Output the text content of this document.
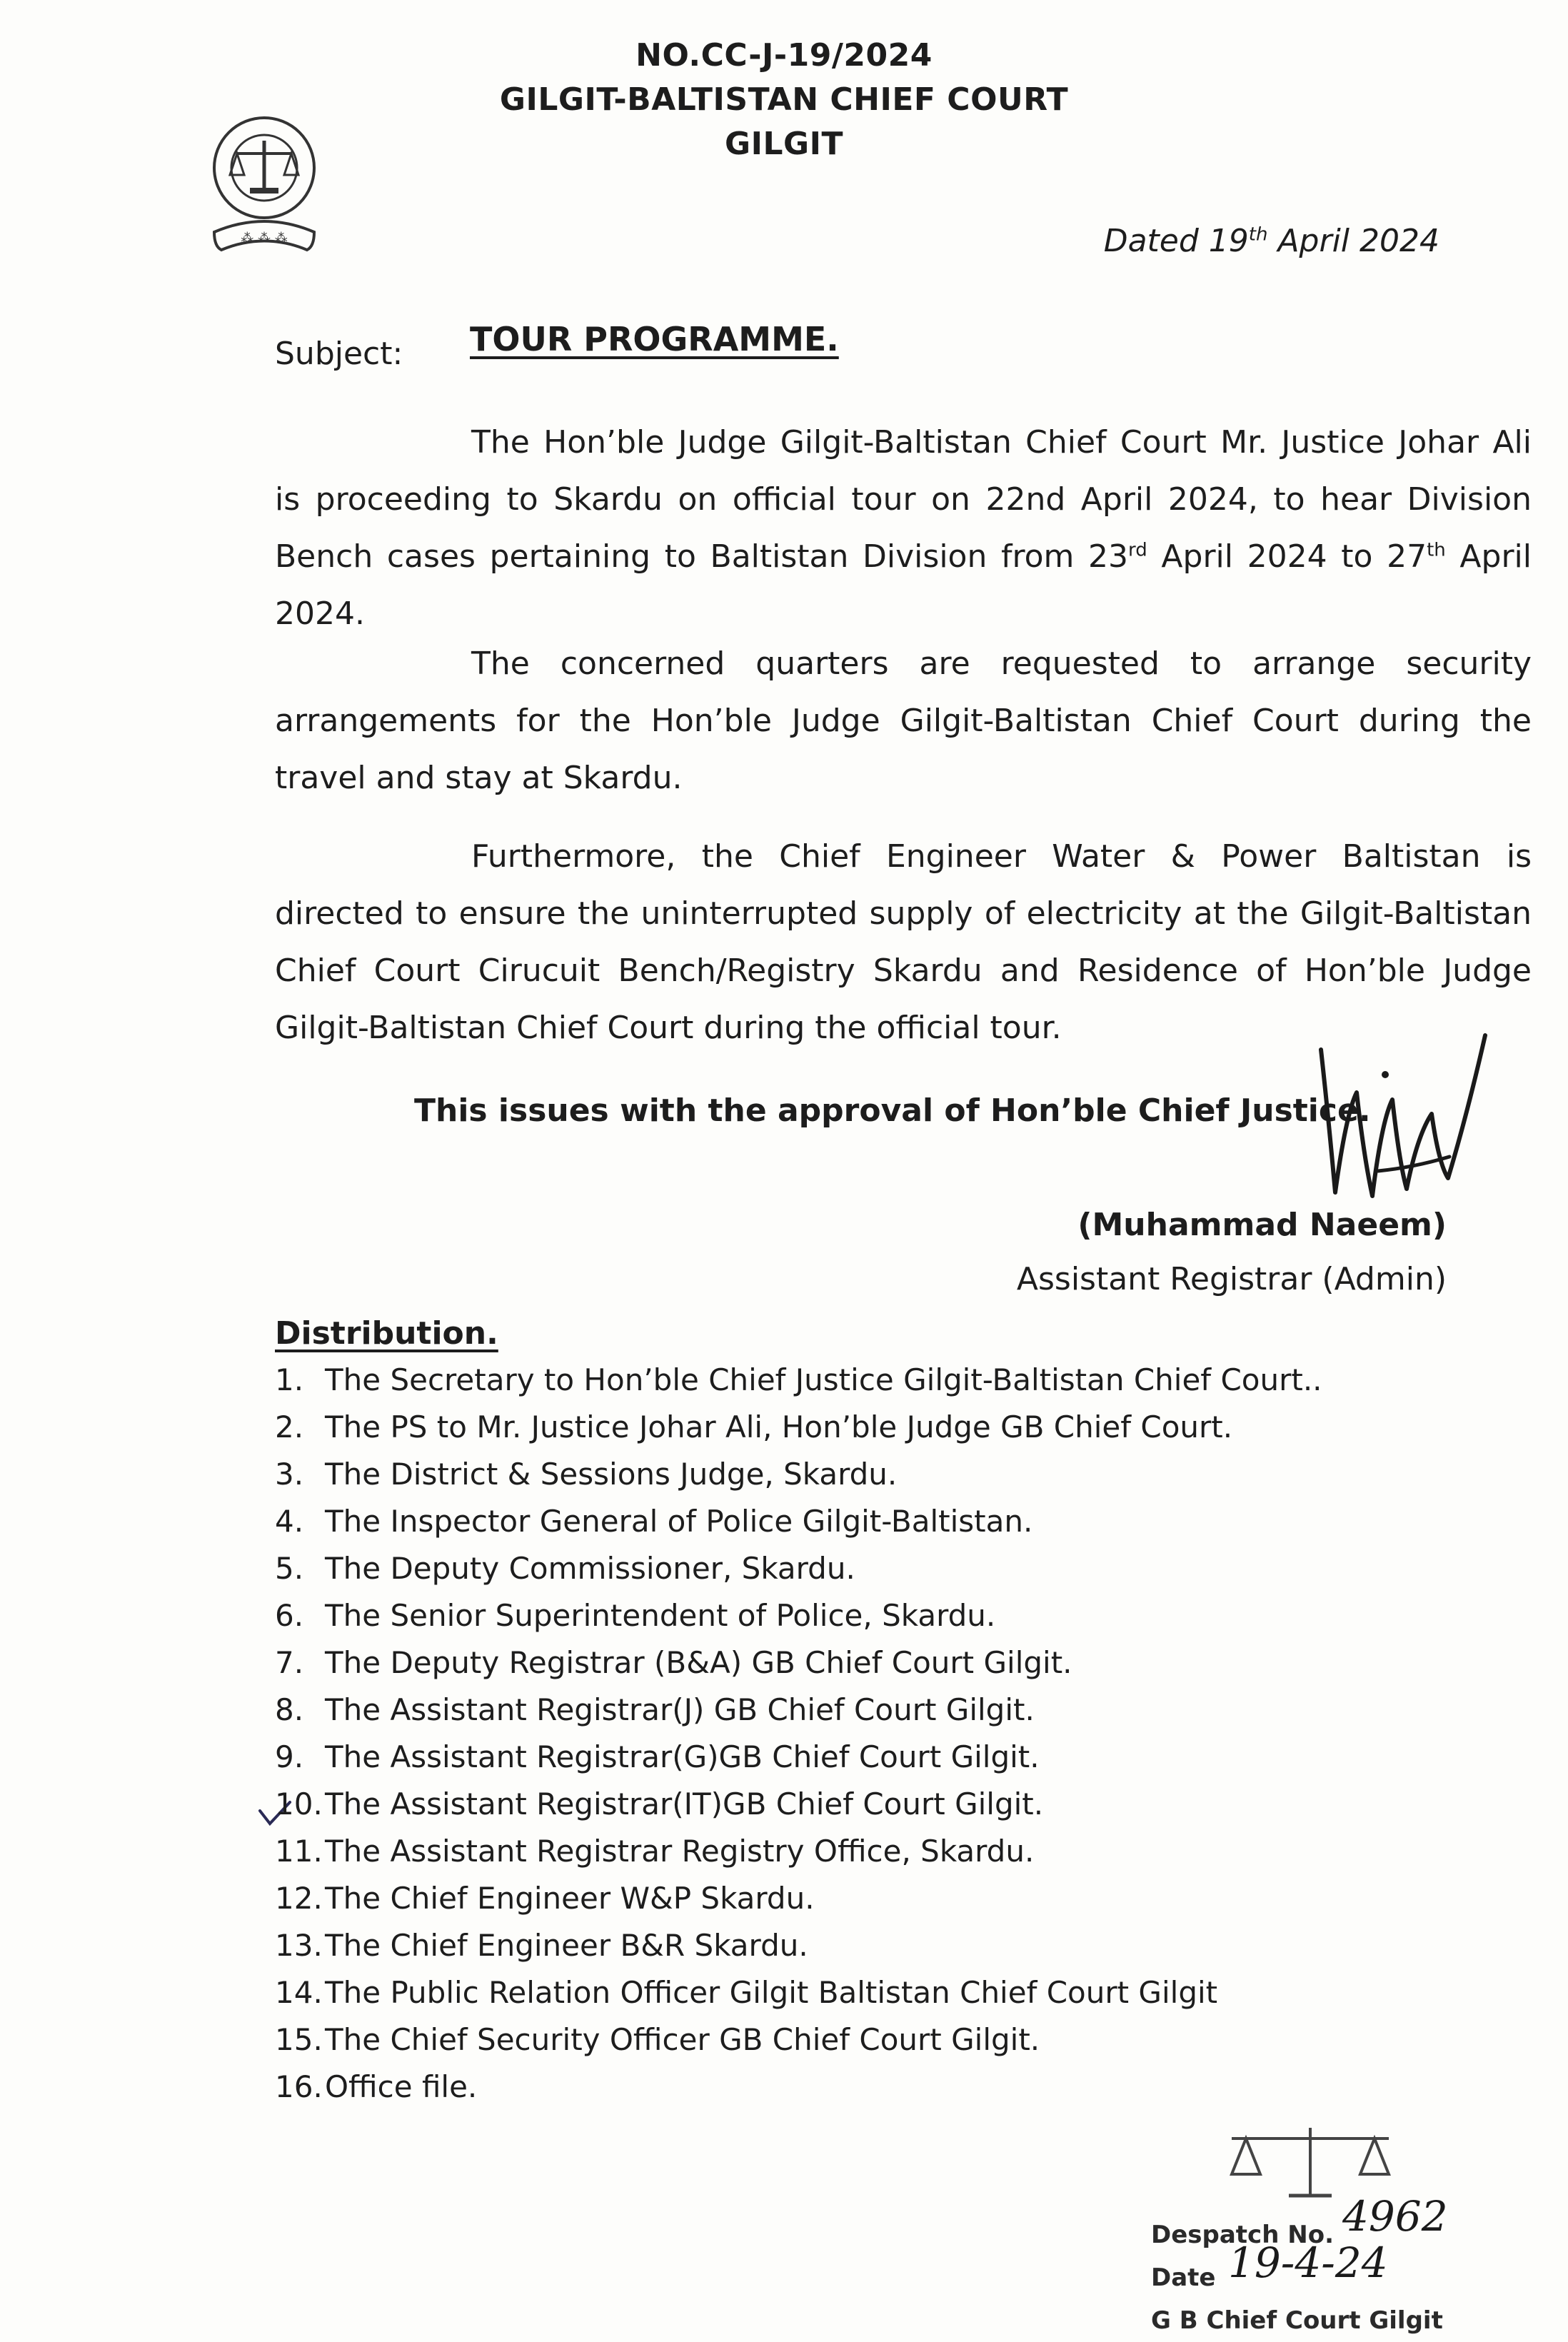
⁂ ⁂ ⁂
NO.CC-J-19/2024
GILGIT-BALTISTAN CHIEF COURT
GILGIT
Dated 19th April 2024
Subject: TOUR PROGRAMME.
The Hon’ble Judge Gilgit-Baltistan Chief Court Mr. Justice Johar Ali is proceeding to Skardu on official tour on 22nd April 2024, to hear Division Bench cases pertaining to Baltistan Division from 23rd April 2024 to 27th April 2024.
The concerned quarters are requested to arrange security arrangements for the Hon’ble Judge Gilgit-Baltistan Chief Court during the travel and stay at Skardu.
Furthermore, the Chief Engineer Water & Power Baltistan is directed to ensure the uninterrupted supply of electricity at the Gilgit-Baltistan Chief Court Cirucuit Bench/Registry Skardu and Residence of Hon’ble Judge Gilgit-Baltistan Chief Court during the official tour.
This issues with the approval of Hon’ble Chief Justice.
(Muhammad Naeem)
Assistant Registrar (Admin)
Distribution.
1. The Secretary to Hon’ble Chief Justice Gilgit-Baltistan Chief Court..
2. The PS to Mr. Justice Johar Ali, Hon’ble Judge GB Chief Court.
3. The District & Sessions Judge, Skardu.
4. The Inspector General of Police Gilgit-Baltistan.
5. The Deputy Commissioner, Skardu.
6. The Senior Superintendent of Police, Skardu.
7. The Deputy Registrar (B&A) GB Chief Court Gilgit.
8. The Assistant Registrar(J) GB Chief Court Gilgit.
9. The Assistant Registrar(G)GB Chief Court Gilgit.
10.The Assistant Registrar(IT)GB Chief Court Gilgit.
11.The Assistant Registrar Registry Office, Skardu.
12.The Chief Engineer W&P Skardu.
13.The Chief Engineer B&R Skardu.
14.The Public Relation Officer Gilgit Baltistan Chief Court Gilgit
15.The Chief Security Officer GB Chief Court Gilgit.
16.Office file.
Despatch No. 4962
Date 19-4-24
G B Chief Court Gilgit
